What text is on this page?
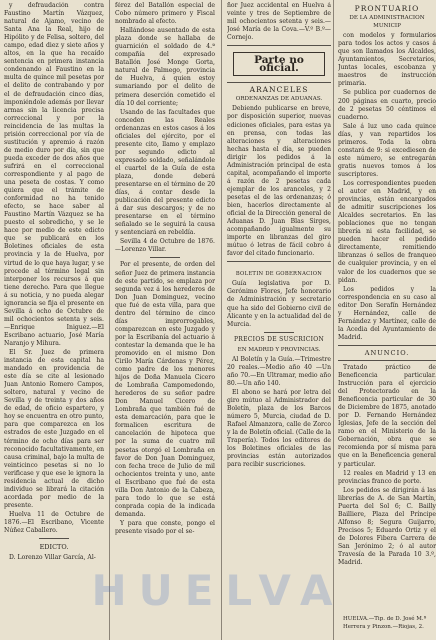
y defraudación contra Faustino Martín Vázquez, natural de Ajamo, vecino de Santa Ana la Real, hijo de Hipólito y de Felisa, soltero, del campo, edad diez y siete años y altos, en la que ha recaído sentencia en primera instancia condenando al Faustino en la multa de quince mil pesetas por el delito de contrabando y por el de defraudación cinco días, imponiéndole además por llevar armas sin la licencia precisa correccional y por la reincidencia de las multas la prisión correccional por vía de sustitución y apremio á razón de medio duro por día, sin que pueda exceder de dos años que sufrirá en el correccional correspondiente y al pago de una peseta de costas. Y como quiera que el trámite de conformidad no ha tenido efecto, se hace saber al Faustino Martín Vázquez se ha puesto el sobredicho, y se le hace por medio de este edicto que se publicará en los Boletines oficiales de esta provincia y la de Huelva, por virtud de lo que haya lugar, y se procede al término legal sin interponer los recursos á que tiene derecho. Para que llegue á su noticia, y no pueda alegar ignorancia se fija el presente en Sevilla á ocho de Octubre de mil ochocientos setenta y seis.—Enrique Iniguez.—El Escribano actuario, José María Naranjo y Mihura.

El Sr. Juez de primera instancia de esta capital ha mandado en providencia de este día se cite al lesionado Juan Antonio Romero Campos, soltero, natural y vecino de Sevilla y de treinta y dos años de edad, de oficio espartero, y hoy se encuentra en otro punto, para que comparezca en los estrados de este Juzgado en el término de ocho días para ser reconocido facultativamente, en causa criminal, bajo la multa de veinticinco pesetas si no lo verificase y que ese le ignora la residencia actual de dicho individuo se librará la citación acordada por medio de la presente.

Huelva 11 de Octubre de 1876.—El Escribano, Vicente Núñez Caballero.

EDICTO.

D. Lorenzo Villar García, Al-

férez del Batallón especial de Cobo número primero y Fiscal nombrado al efecto.

Hallándose ausentado de esta plaza donde se hallaba de guarnición el soldado de 4.ª compañía del expresado Batallón José Monge Gorta, natural de Palmego, provincia de Huelva, á quien estoy sumariando por el delito de primera deserción cometido el día 10 del corriente;

Usando de las facultades que conceden las Reales ordenanzas en estos casos á los oficiales del ejército, por el presente cito, llamo y emplazo por segundo edicto al expresado soldado, señalándole el cuartel de la Guía de esta plaza, donde deberá presentarse en el término de 20 días, á contar desde la publicación del presente edicto á dar sus descargos; y de no presentarse en el término señalado se le seguirá la causa y sentenciará en rebeldía.

Sevilla 4 de Octubre de 1876.—Lorenzo Villar.

Por el presente, de orden del señor Juez de primera instancia de este partido, se emplaza por segunda vez á los herederos de Don Juan Dominguez, vecino que fué de esta villa, para que dentro del término de cinco días improrrogables, comparezcan en este Juzgado y por la Escribanía del actuario á contestar la demanda que le ha promovido en el mismo Don Cirilo María Cárdenas y Pérez, como padre de los menores hijos de Doña Manuela Cicero de Lombraña Campomedondo, herederos de su señor padre Don Manuel Cicero de Lombraña que también fué de esta demarcación, para que le formalicen escritura de cancelación de hipoteca que por la suma de cuatro mil pesetas otorgó el Lombraña en favor de Don Juan Dominguez, con fecha trece de Julio de mil ochocientos treinta y uno, ante el Escribano que fué de esta villa Don Antonio de la Cabeza, para todo lo que se está conprada copia de la indicada demanda.

Y para que conste, pongo el presente visado por el se-

ñor Juez accidental en Huelva á veinte y tres de Septiembre de mil ochocientos setenta y seis.—José María de la Cova.—V.º B.º—Cornejo.

Parte no oficial.
ARANCELES
ORDENANZAS DE ADUANAS.

Debiendo publicarse en breve, por disposición superior, nuevas ediciones oficiales, para estas ya en prensa, con todas las alteraciones y alteraciones hechas hasta el día, se pueden dirigir los pedidos á la Administración principal de esta capital, acompañando el importe á razón de 2 pesetas cada ejemplar de los aranceles, y 2 pesetas el de las ordenanzas; ó bien, hacerlos directamente al oficial de la Dirección general de Aduanas D. Juan Blas Sirges, acompañando igualmente su importe en libranzas del giro mútuo ó letras de fácil cobro á favor del citado funcionario.

BOLETIN DE GOBERNACION

Guía legislativa por D. Gerónimo Flores, Jefe honorario de Administración y secretario que ha sido del Gobierno civil de Alicante y en la actualidad del de Murcia.

PRECIOS DE SUSCRICION
EN MADRID Y PROVINCIAS.

Al Boletín y la Guía.—Trimestre 20 reales.—Medio año 40 —Un año 70.—En Ultramar, medio año 80.—Un año 140.

El abono se hará por letra del giro mútuo al Administrador del Boletín, plaza de los Barcos número 5, Murcia, ciudad de D. Rafael Almanzora, calle de Zorco y la de Boletín oficial. (Calle de la Trapería). Todos los editores de los Boletines oficiales de las provincias están autorizados para recibir suscriciones.

PRONTUARIO
DE LA ADMINISTRACION MUNICIP

con modelos y formularios para todos los actos y casos á que son llamados los Alcaldes, Ayuntamientos, Secretarios, Juntas locales, escobanza y maestros de instrucción primaria.

Se publica por cuadernos de 200 páginas en cuarto, precio de 2 pesetas 50 céntimos el cuaderno.

Sale á luz uno cada quince días, y van repartidos los primeros. Toda la obra constará de 9: si excediesen de este número, se entregarán gratis nuevos tomos á los suscriptores.

Los correspondientes pueden el autor en Madrid, y en provincias, están encargados de admitir suscripciones los Alcaldes secretarios. En las poblaciones que no tengan librería ni esta facilidad, se pueden hacer el pedido directamente, remitiendo libranzas ó sellos de franqueo de cualquier provincia, y en el valor de los cuadernos que se pidan.

Los pedidos y la correspondencia en su caso al editor Don Serafín Hernández y Hernández, calle de Fernández y Martínez, calle de la Acedia del Ayuntamiento de Madrid.

ANUNCIO.

Tratado práctico de Beneficencia particular. Instrucción para el ejercicio del Protectorado en la Beneficencia particular de 30 de Diciembre de 1875, anotado por D. Fernando Hernández Iglesias, Jefe de la sección del ramo en el Ministerio de la Gobernación, obra que se recomienda por sí misma para que en la Beneficencia general y particular.

12 reales en Madrid y 13 en provincias franco de porte.

Los pedidos se dirigirán á las librerías de A. de San Martín, Puerta del Sol 6; C. Bailly Bailliere, Plaza del Príncipe Alfonso 8; Segura Guijarro, Precisos 5; Eduardo Ortiz y el de Dolores Fibera Carrera de San Jerónimo 2; ó al autor Travesía de la Parada 10 3.º, Madrid.

HUELVA.—Tip. de D. José M.ª Herrera y Pinzon.—Riojas, 2.
HUELVA
